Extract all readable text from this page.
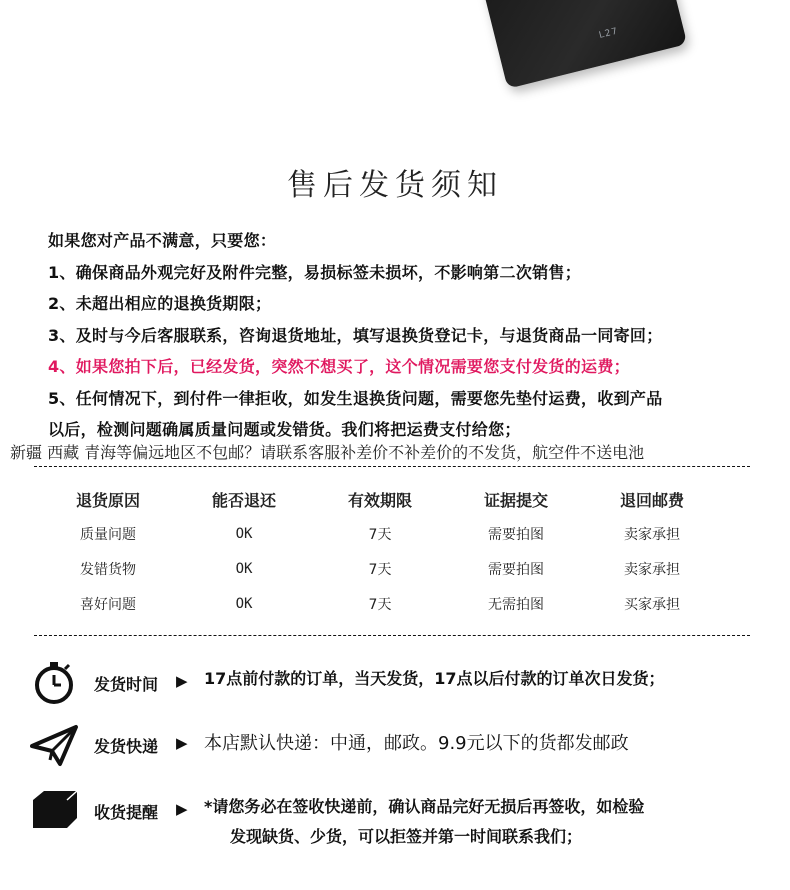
L27
售后发货须知
如果您对产品不满意，只要您：
1、确保商品外观完好及附件完整，易损标签未损坏，不影响第二次销售；
2、未超出相应的退换货期限；
3、及时与今后客服联系，咨询退货地址，填写退换货登记卡，与退货商品一同寄回；
4、如果您拍下后，已经发货，突然不想买了，这个情况需要您支付发货的运费；
5、任何情况下，到付件一律拒收，如发生退换货问题，需要您先垫付运费，收到产品
以后，检测问题确属质量问题或发错货。我们将把运费支付给您；
新疆 西藏 青海等偏远地区不包邮？请联系客服补差价不补差价的不发货，航空件不送电池
退货原因	能否退还	有效期限	证据提交	退回邮费
质量问题	OK	7天	需要拍图	卖家承担
发错货物	OK	7天	需要拍图	卖家承担
喜好问题	OK	7天	无需拍图	买家承担
发货时间 ▶ 17点前付款的订单，当天发货，17点以后付款的订单次日发货；
发货快递 ▶ 本店默认快递：中通，邮政。9.9元以下的货都发邮政
收货提醒 ▶ *请您务必在签收快递前，确认商品完好无损后再签收，如检验
发现缺货、少货，可以拒签并第一时间联系我们；
